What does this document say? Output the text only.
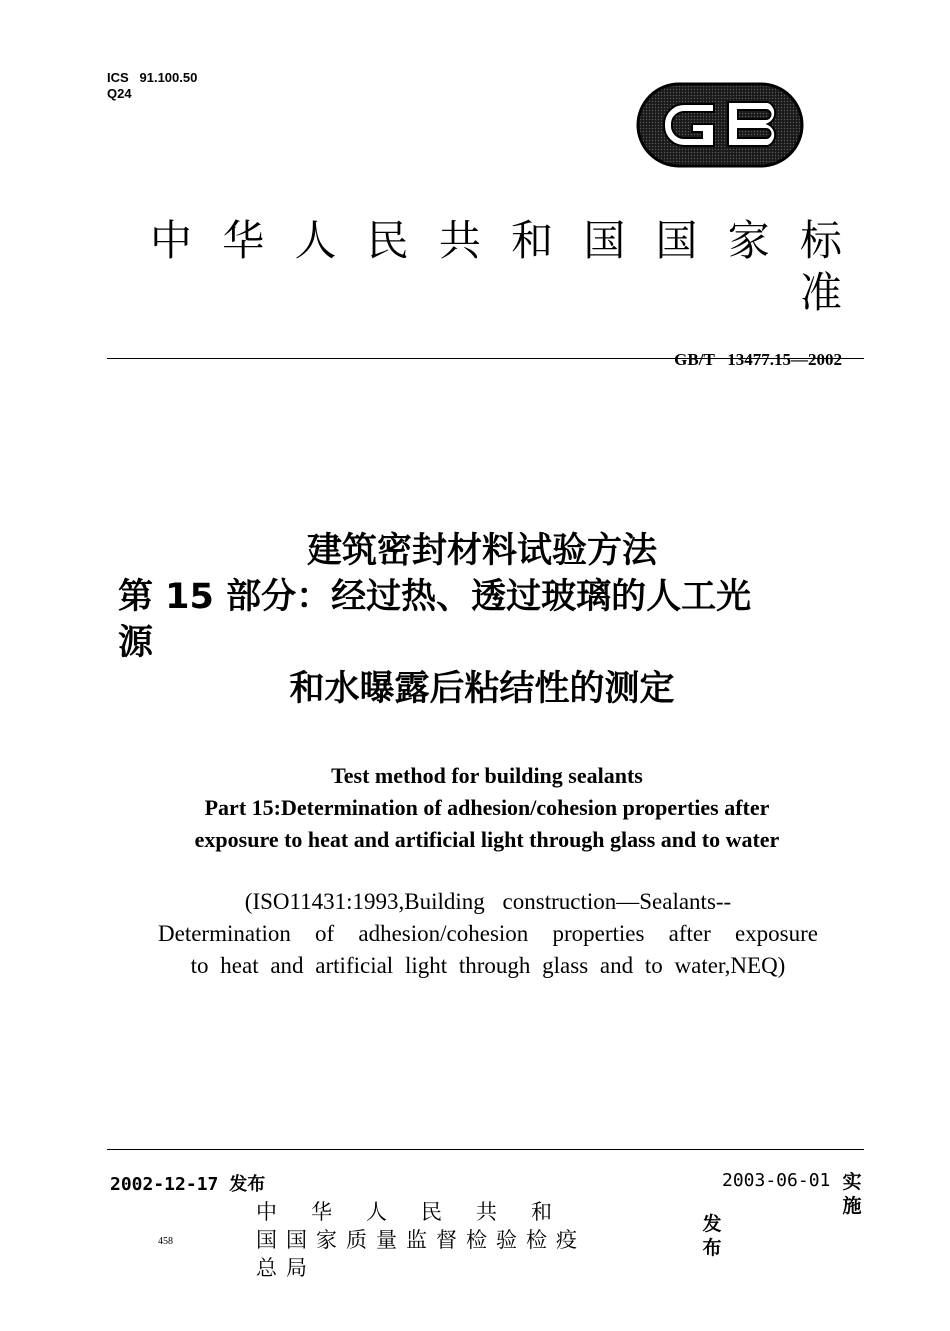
ICS   91.100.50
Q24
中华人民共和国国家标准
GB/T   13477.15—2002
建筑密封材料试验方法
第 15 部分：经过热、透过玻璃的人工光
源
和水曝露后粘结性的测定
Test method for building sealants
Part 15:Determination of adhesion/cohesion properties after
exposure to heat and artificial light through glass and to water
(ISO11431:1993,Building construction—Sealants--
Determination of adhesion/cohesion properties after exposure
to heat and artificial light through glass and to water,NEQ)
2002-12-17 发布	2003-06-01 实施
中华人民共和
国国家质量监督检验检疫
总局
发布
458
